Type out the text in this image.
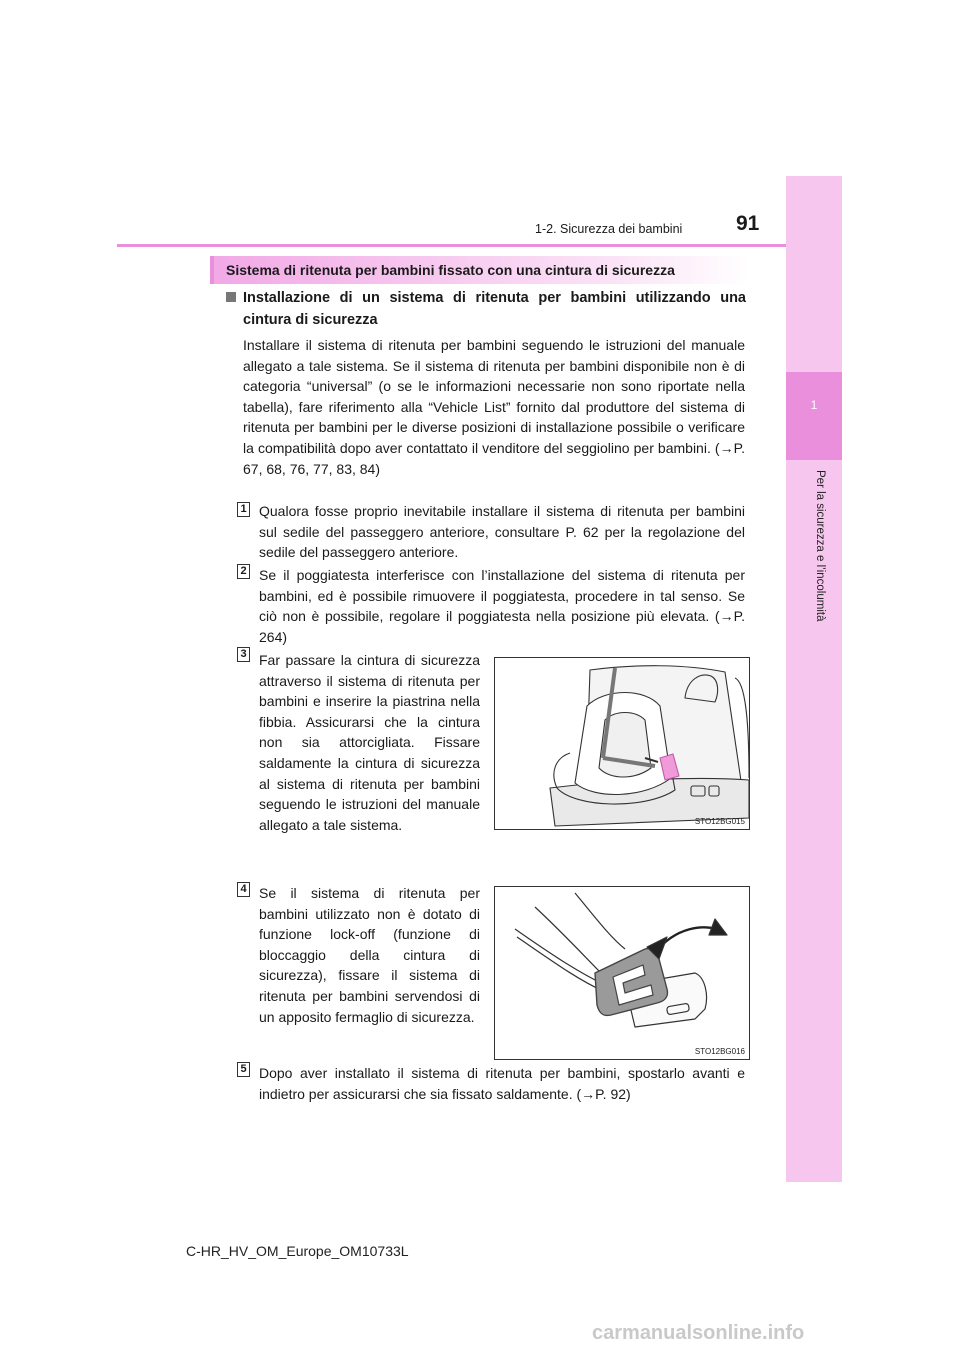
1
Per la sicurezza e l’incolumità
1-2. Sicurezza dei bambini	91
Sistema di ritenuta per bambini fissato con una cintura di sicurezza
Installazione di un sistema di ritenuta per bambini utilizzando una cintura di sicurezza
Installare il sistema di ritenuta per bambini seguendo le istruzioni del manuale allegato a tale sistema. Se il sistema di ritenuta per bambini disponibile non è di categoria “universal” (o se le informazioni necessarie non sono riportate nella tabella), fare riferimento alla “Vehicle List” fornito dal produttore del sistema di ritenuta per bambini per le diverse posizioni di installazione possibile o verificare la compatibilità dopo aver contattato il venditore del seggiolino per bambini. (→P. 67, 68, 76, 77, 83, 84)
1 Qualora fosse proprio inevitabile installare il sistema di ritenuta per bambini sul sedile del passeggero anteriore, consultare P. 62 per la regolazione del sedile del passeggero anteriore.
2 Se il poggiatesta interferisce con l’installazione del sistema di ritenuta per bambini, ed è possibile rimuovere il poggiatesta, procedere in tal senso. Se ciò non è possibile, regolare il poggiatesta nella posizione più elevata. (→P. 264)
3 Far passare la cintura di sicurezza attraverso il sistema di ritenuta per bambini e inserire la piastrina nella fibbia. Assicurarsi che la cintura non sia attorcigliata. Fissare saldamente la cintura di sicurezza al sistema di ritenuta per bambini seguendo le istruzioni del manuale allegato a tale sistema.
4 Se il sistema di ritenuta per bambini utilizzato non è dotato di funzione lock-off (funzione di bloccaggio della cintura di sicurezza), fissare il sistema di ritenuta per bambini servendosi di un apposito fermaglio di sicurezza.
5 Dopo aver installato il sistema di ritenuta per bambini, spostarlo avanti e indietro per assicurarsi che sia fissato saldamente. (→P. 92)
STO12BG015
STO12BG016
C-HR_HV_OM_Europe_OM10733L
carmanualsonline.info
